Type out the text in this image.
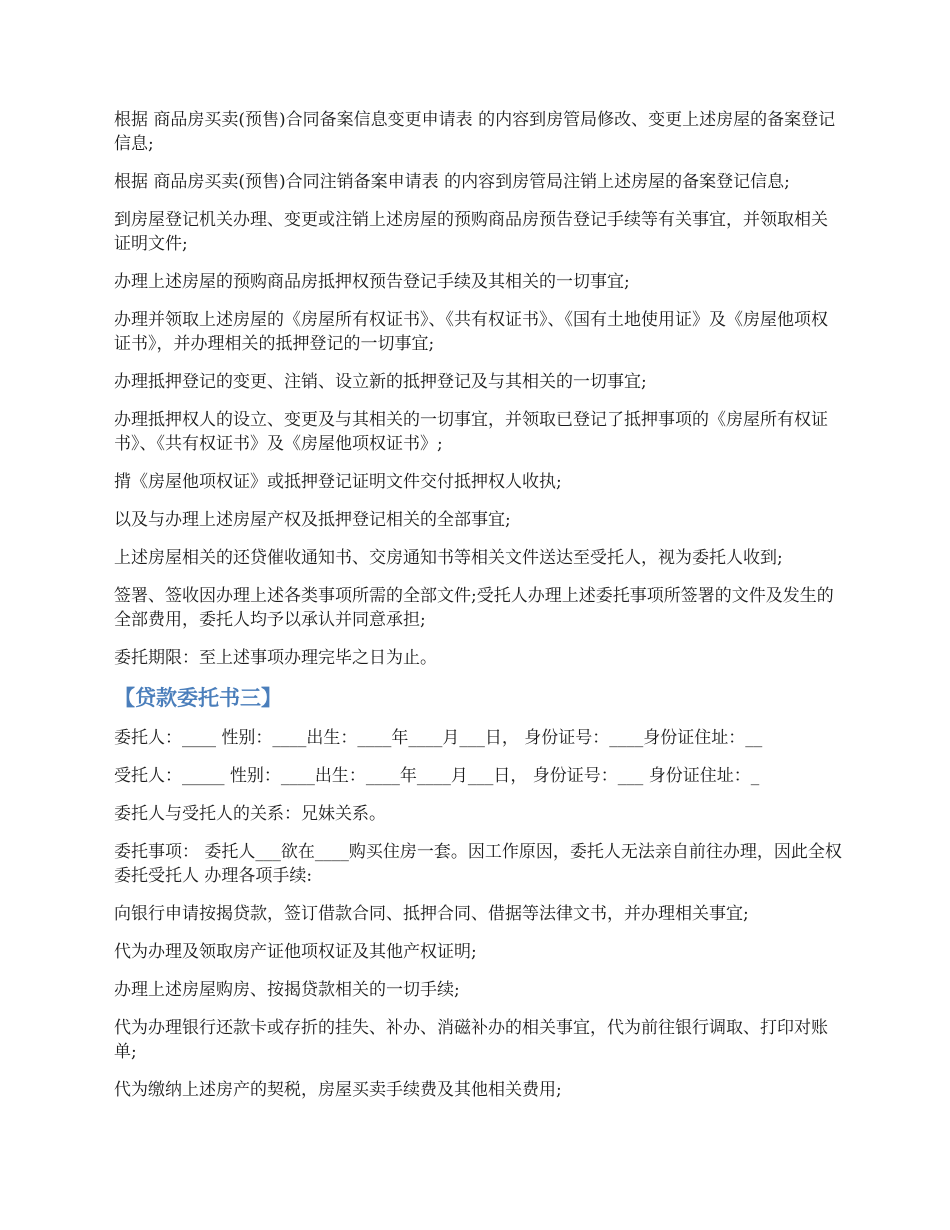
根据 商品房买卖(预售)合同备案信息变更申请表 的内容到房管局修改、变更上述房屋的备案登记信息;

根据 商品房买卖(预售)合同注销备案申请表 的内容到房管局注销上述房屋的备案登记信息;

到房屋登记机关办理、变更或注销上述房屋的预购商品房预告登记手续等有关事宜，并领取相关证明文件;

办理上述房屋的预购商品房抵押权预告登记手续及其相关的一切事宜;

办理并领取上述房屋的《房屋所有权证书》、《共有权证书》、《国有土地使用证》及《房屋他项权证书》，并办理相关的抵押登记的一切事宜;

办理抵押登记的变更、注销、设立新的抵押登记及与其相关的一切事宜;

办理抵押权人的设立、变更及与其相关的一切事宜，并领取已登记了抵押事项的《房屋所有权证书》、《共有权证书》及《房屋他项权证书》;

揹《房屋他项权证》或抵押登记证明文件交付抵押权人收执;

以及与办理上述房屋产权及抵押登记相关的全部事宜;

上述房屋相关的还贷催收通知书、交房通知书等相关文件送达至受托人，视为委托人收到;

签署、签收因办理上述各类事项所需的全部文件;受托人办理上述委托事项所签署的文件及发生的全部费用，委托人均予以承认并同意承担;

委托期限：至上述事项办理完毕之日为止。

【贷款委托书三】

委托人：____ 性别：____出生：____年____月___日， 身份证号：____身份证住址：__

受托人：_____ 性别：____出生：____年____月___日， 身份证号：___ 身份证住址：_

委托人与受托人的关系：兄妹关系。

委托事项： 委托人___欲在____购买住房一套。因工作原因，委托人无法亲自前往办理，因此全权委托受托人 办理各项手续:

向银行申请按揭贷款，签订借款合同、抵押合同、借据等法律文书，并办理相关事宜;

代为办理及领取房产证他项权证及其他产权证明;

办理上述房屋购房、按揭贷款相关的一切手续;

代为办理银行还款卡或存折的挂失、补办、消磁补办的相关事宜，代为前往银行调取、打印对账单;

代为缴纳上述房产的契税，房屋买卖手续费及其他相关费用;
